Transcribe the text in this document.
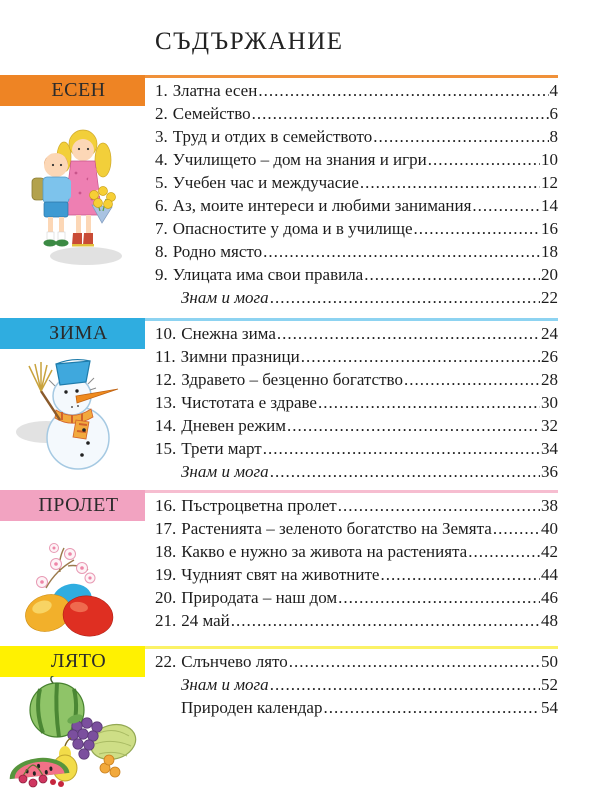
СЪДЪРЖАНИЕ
ЕСЕН	1. Златна есен .....	4
2. Семейство .....	6
3. Труд и отдих в семейството .....	8
4. Училището – дом на знания и игри .....	10
5. Учебен час и междучасие .....	12
6. Аз, моите интереси и любими занимания .....	14
7. Опасностите у дома и в училище .....	16
8. Родно място .....	18
9. Улицата има свои правила .....	20
Знам и мога .....	22
ЗИМА	10. Снежна зима .....	24
11. Зимни празници .....	26
12. Здравето – безценно богатство .....	28
13. Чистотата е здраве .....	30
14. Дневен режим .....	32
15. Трети март .....	34
Знам и мога .....	36
ПРОЛЕТ	16. Пъстроцветна пролет .....	38
17. Растенията – зеленото богатство на Земята .....	40
18. Какво е нужно за живота на растенията .....	42
19. Чудният свят на животните .....	44
20. Природата – наш дом .....	46
21. 24 май .....	48
ЛЯТО	22. Слънчево лято .....	50
Знам и мога .....	52
Природен календар .....	54
